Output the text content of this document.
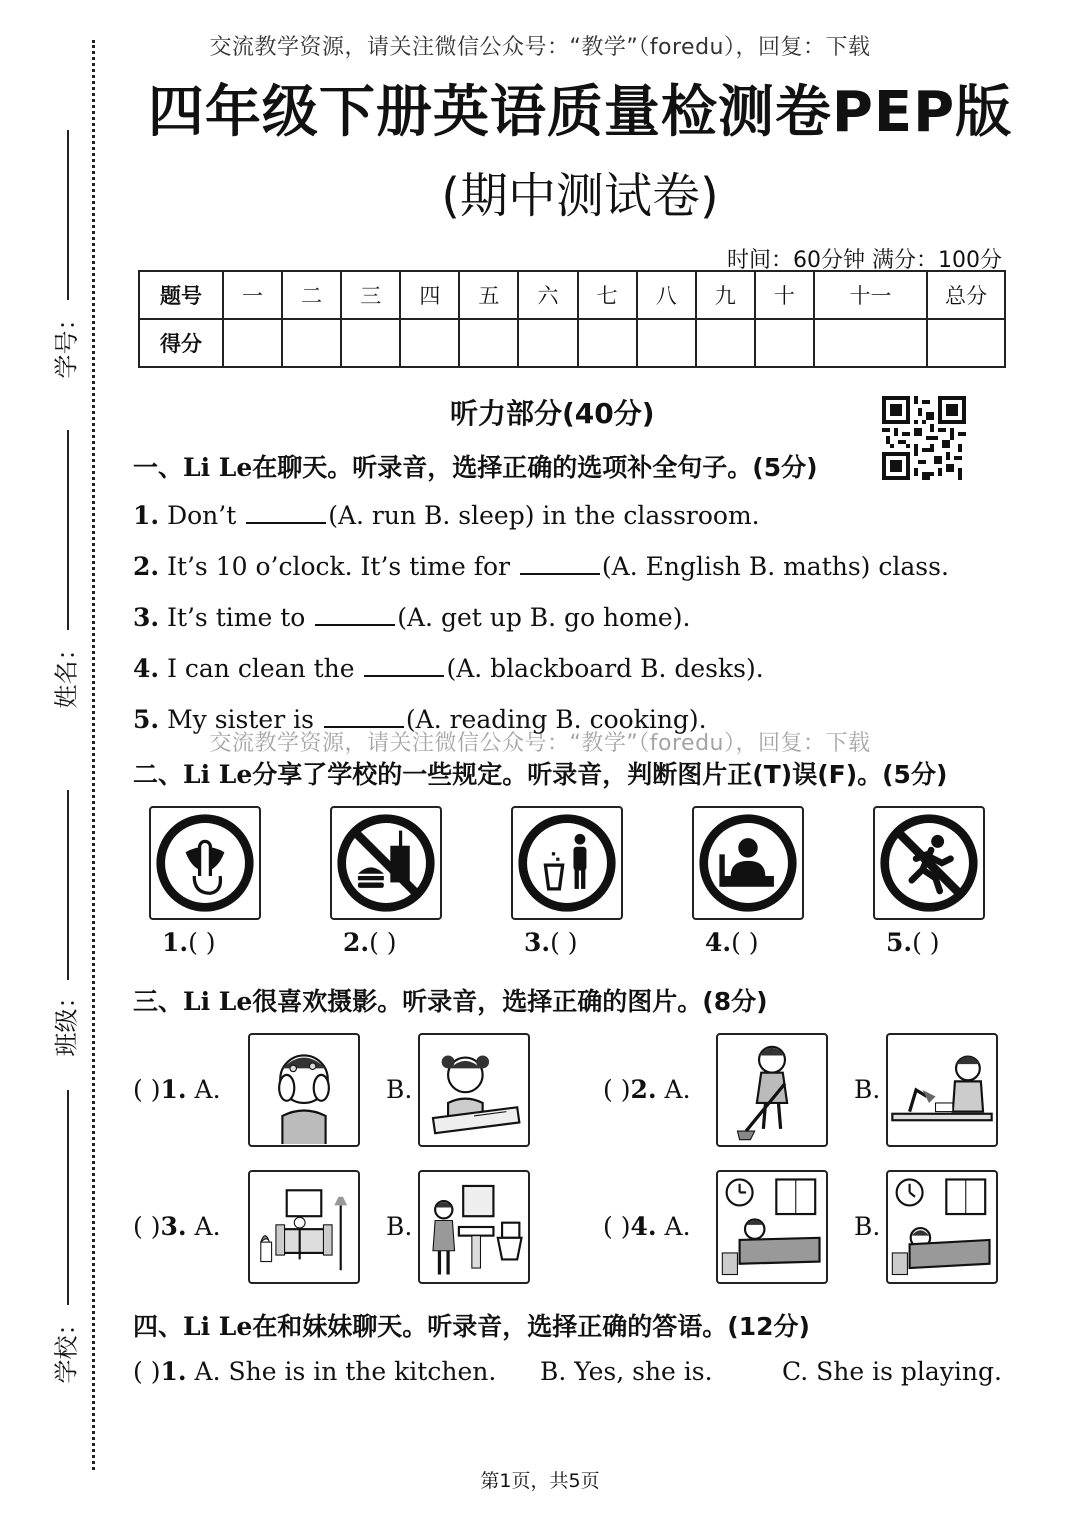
交流教学资源，请关注微信公众号：“教学”（foredu），回复：下载
交流教学资源，请关注微信公众号：“教学”（foredu），回复：下载
学号：
姓名：
班级：
学校：
四年级下册英语质量检测卷PEP版
(期中测试卷)
时间：60分钟 满分：100分
题号	一	二	三	四	五	六	七	八	九	十	十一	总分
得分												
听力部分(40分)
一、Li Le在聊天。听录音，选择正确的选项补全句子。(5分)
1. Don’t	(A. run B. sleep) in the classroom.
2. It’s 10 o’clock. It’s time for	(A. English B. maths) class.
3. It’s time to	(A. get up B. go home).
4. I can clean the	(A. blackboard B. desks).
5. My sister is	(A. reading B. cooking).
二、Li Le分享了学校的一些规定。听录音，判断图片正(T)误(F)。(5分)
1.( )	2.( )	3.( )	4.( )	5.( )
三、Li Le很喜欢摄影。听录音，选择正确的图片。(8分)
( )1. A.	B.	( )2. A.	B.
( )3. A.	B.	( )4. A.	B.
四、Li Le在和妹妹聊天。听录音，选择正确的答语。(12分)
( )1. A. She is in the kitchen. B. Yes, she is.	C. She is playing.
第1页，共5页
